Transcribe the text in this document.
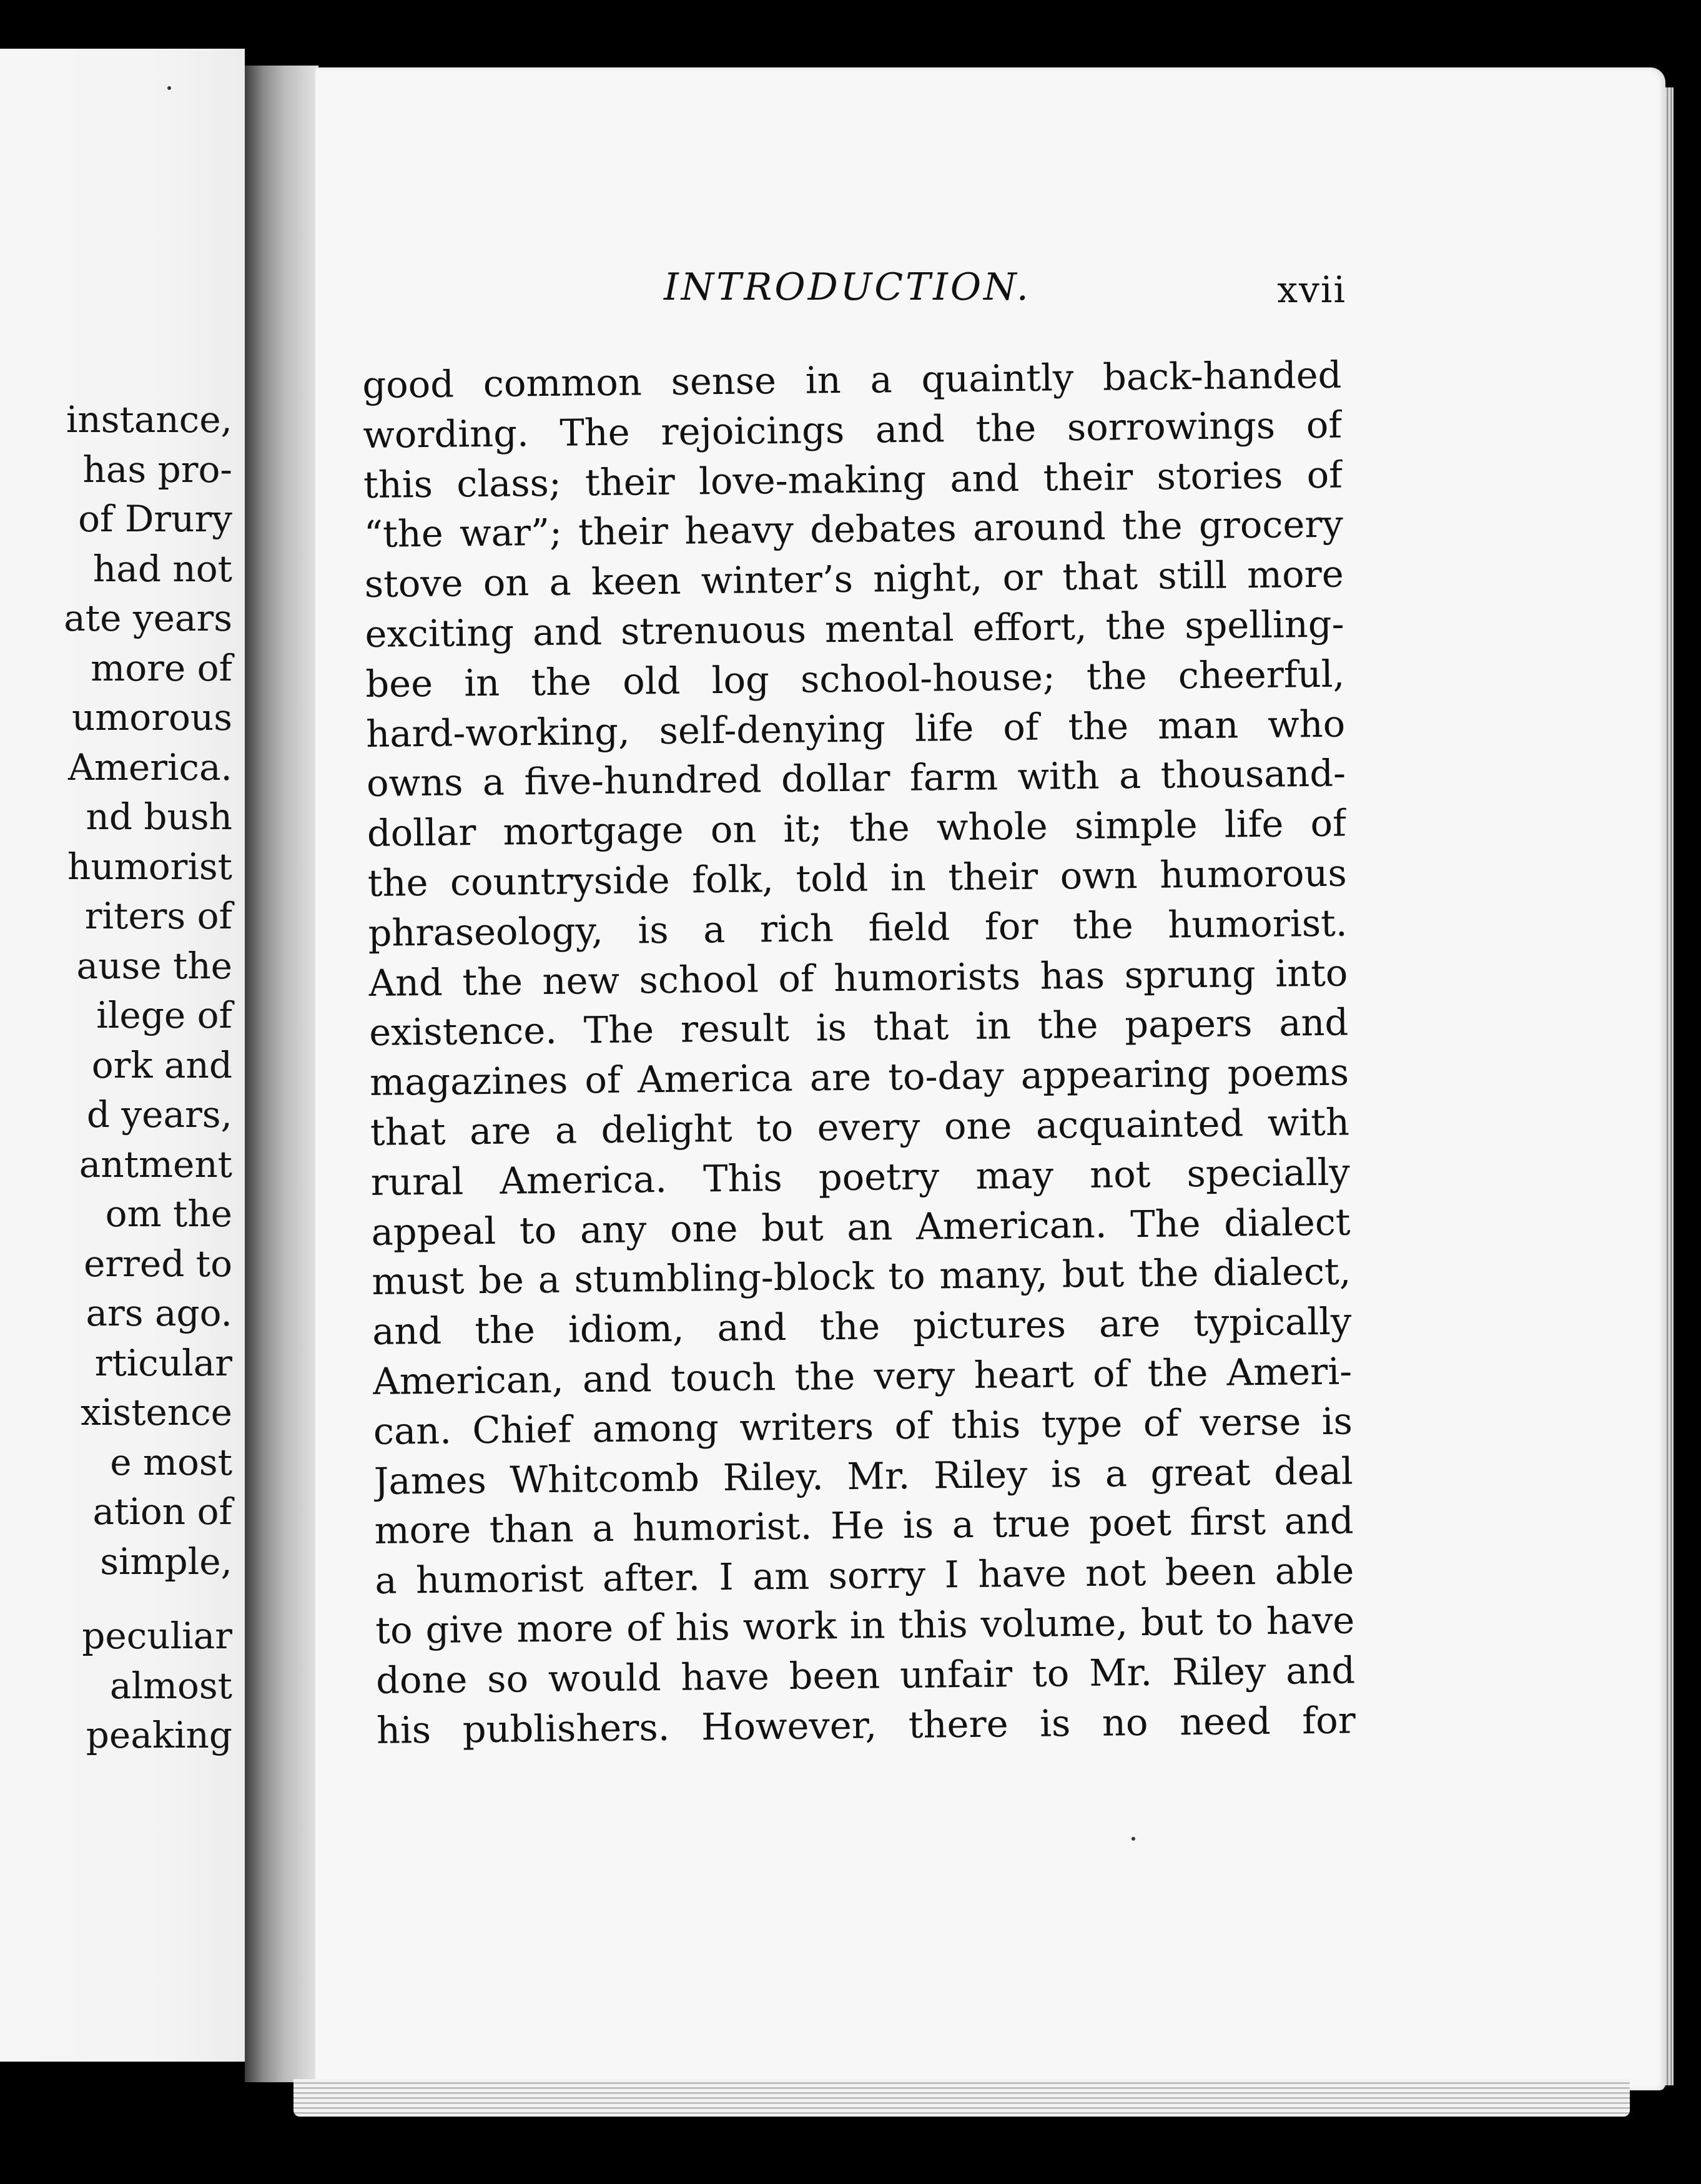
instance,
has pro-
of Drury
had not
ate years
more of
umorous
America.
nd bush
humorist
riters of
ause the
ilege of
ork and
d years,
antment
om the
erred to
ars ago.
rticular
xistence
e most
ation of
simple,
peculiar
almost
peaking
INTRODUCTION.	xvii
good common sense in a quaintly back-handed
wording. The rejoicings and the sorrowings of
this class; their love-making and their stories of
“the war”; their heavy debates around the grocery
stove on a keen winter’s night, or that still more
exciting and strenuous mental effort, the spelling-
bee in the old log school-house; the cheerful,
hard-working, self-denying life of the man who
owns a five-hundred dollar farm with a thousand-
dollar mortgage on it; the whole simple life of
the countryside folk, told in their own humorous
phraseology, is a rich field for the humorist.
And the new school of humorists has sprung into
existence. The result is that in the papers and
magazines of America are to-day appearing poems
that are a delight to every one acquainted with
rural America. This poetry may not specially
appeal to any one but an American. The dialect
must be a stumbling-block to many, but the dialect,
and the idiom, and the pictures are typically
American, and touch the very heart of the Ameri-
can. Chief among writers of this type of verse is
James Whitcomb Riley. Mr. Riley is a great deal
more than a humorist. He is a true poet first and
a humorist after. I am sorry I have not been able
to give more of his work in this volume, but to have
done so would have been unfair to Mr. Riley and
his publishers. However, there is no need for
